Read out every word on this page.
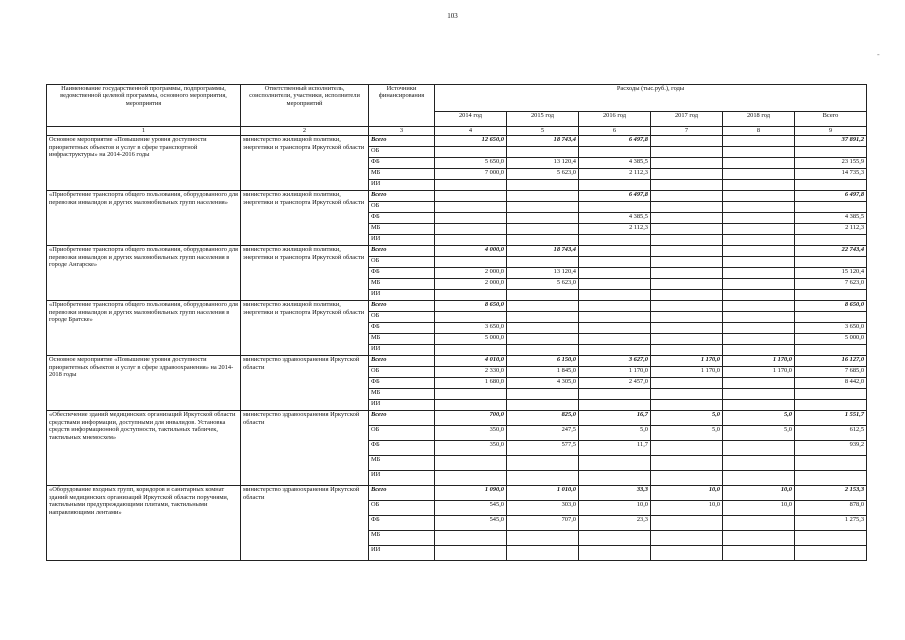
103
-
Наименование государственной программы, подпрограммы, ведомственной целевой программы, основного мероприятия, мероприятия	Ответственный исполнитель, соисполнители, участники, исполнители мероприятий	Источники финансирования	Расходы (тыс.руб.), годы					
			2014 год	2015 год	2016 год	2017 год	2018 год	Всего
1	2	3	4	5	6	7	8	9
Основное мероприятие «Повышение уровня доступности приоритетных объектов и услуг в сфере транспортной инфраструктуры» на 2014-2016 годы	министерство жилищной политики, энергетики и транспорта Иркутской области	Всего	12 650,0	18 743,4	6 497,8			37 891,2
		ОБ						
		ФБ	5 650,0	13 120,4	4 385,5			23 155,9
		МБ	7 000,0	5 623,0	2 112,3			14 735,3
		ИИ						
«Приобретение транспорта общего пользования, оборудованного для перевозки инвалидов и других маломобильных групп населения»	министерство жилищной политики, энергетики и транспорта Иркутской области	Всего			6 497,8			6 497,8
		ОБ						
		ФБ			4 385,5			4 385,5
		МБ			2 112,3			2 112,3
		ИИ						
«Приобретение транспорта общего пользования, оборудованного для перевозки инвалидов и других маломобильных групп населения в городе Ангарске»	министерство жилищной политики, энергетики и транспорта Иркутской области	Всего	4 000,0	18 743,4				22 743,4
		ОБ						
		ФБ	2 000,0	13 120,4				15 120,4
		МБ	2 000,0	5 623,0				7 623,0
		ИИ						
«Приобретение транспорта общего пользования, оборудованного для перевозки инвалидов и других маломобильных групп населения в городе Братске»	министерство жилищной политики, энергетики и транспорта Иркутской области	Всего	8 650,0					8 650,0
		ОБ						
		ФБ	3 650,0					3 650,0
		МБ	5 000,0					5 000,0
		ИИ						
Основное мероприятие «Повышение уровня доступности приоритетных объектов и услуг в сфере здравоохранения» на 2014-2018 годы	министерство здравоохранения Иркутской области	Всего	4 010,0	6 150,0	3 627,0	1 170,0	1 170,0	16 127,0
		ОБ	2 330,0	1 845,0	1 170,0	1 170,0	1 170,0	7 685,0
		ФБ	1 680,0	4 305,0	2 457,0			8 442,0
		МБ						
		ИИ						
«Обеспечение зданий медицинских организаций Иркутской области средствами информации, доступными для инвалидов. Установка средств информационной доступности, тактильных табличек, тактильных мнемосхем»	министерство здравоохранения Иркутской области	Всего	700,0	825,0	16,7	5,0	5,0	1 551,7
		ОБ	350,0	247,5	5,0	5,0	5,0	612,5
		ФБ	350,0	577,5	11,7			939,2
		МБ						
		ИИ						
«Оборудование входных групп, коридоров и санитарных комнат зданий медицинских организаций Иркутской области поручнями, тактильными предупреждающими плитами, тактильными направляющими лентами»	министерство здравоохранения Иркутской области	Всего	1 090,0	1 010,0	33,3	10,0	10,0	2 153,3
		ОБ	545,0	303,0	10,0	10,0	10,0	878,0
		ФБ	545,0	707,0	23,3			1 275,3
		МБ						
		ИИ						
